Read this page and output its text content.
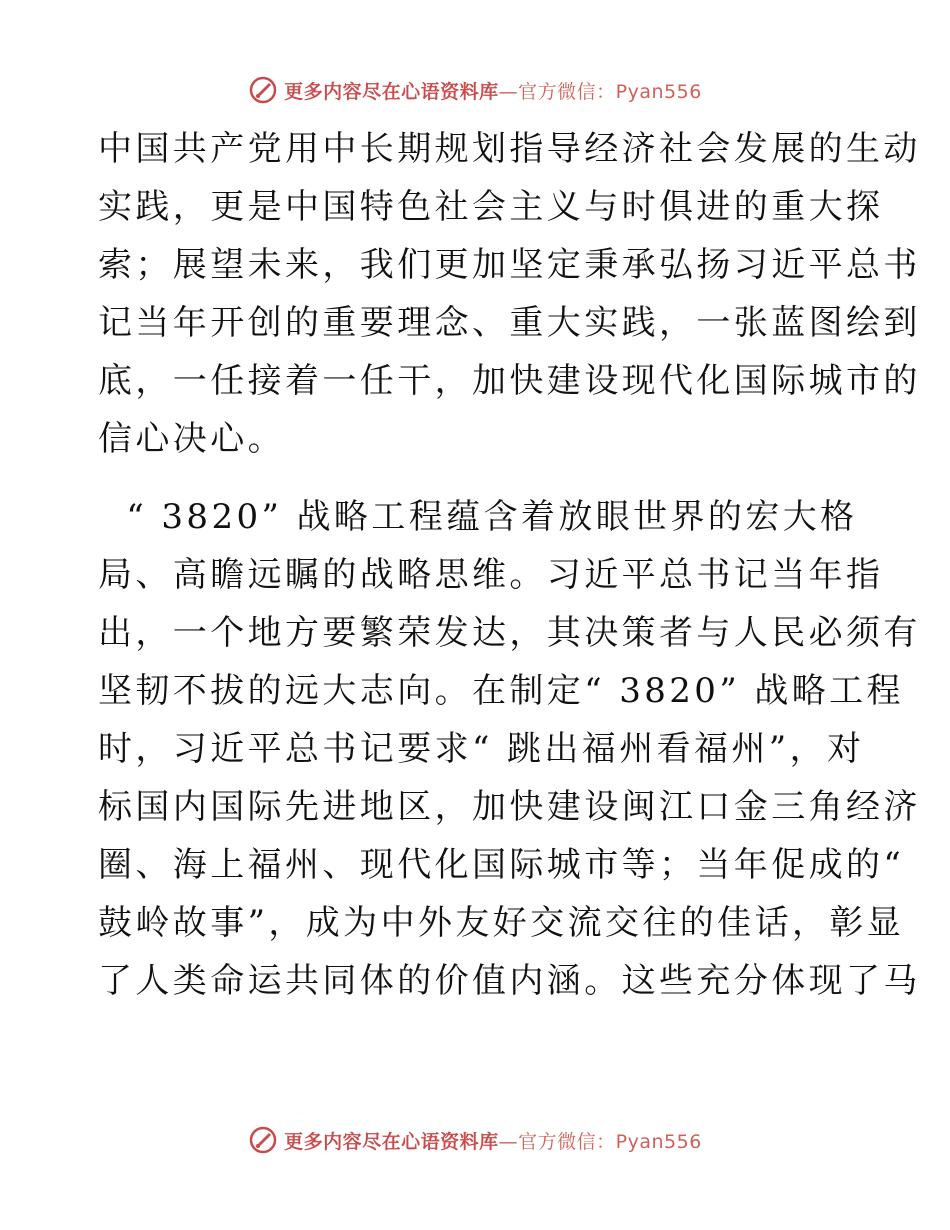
更多内容尽在心语资料库—官方微信：Pyan556
中国共产党用中长期规划指导经济社会发展的生动
实践，更是中国特色社会主义与时俱进的重大探
索；展望未来，我们更加坚定秉承弘扬习近平总书
记当年开创的重要理念、重大实践，一张蓝图绘到
底，一任接着一任干，加快建设现代化国际城市的
信心决心。
“ 3820” 战略工程蕴含着放眼世界的宏大格
局、高瞻远瞩的战略思维。习近平总书记当年指
出，一个地方要繁荣发达，其决策者与人民必须有
坚韧不拔的远大志向。在制定“ 3820” 战略工程
时，习近平总书记要求“ 跳出福州看福州”，对
标国内国际先进地区，加快建设闽江口金三角经济
圈、海上福州、现代化国际城市等；当年促成的“
鼓岭故事”，成为中外友好交流交往的佳话，彰显
了人类命运共同体的价值内涵。这些充分体现了马
更多内容尽在心语资料库—官方微信：Pyan556
